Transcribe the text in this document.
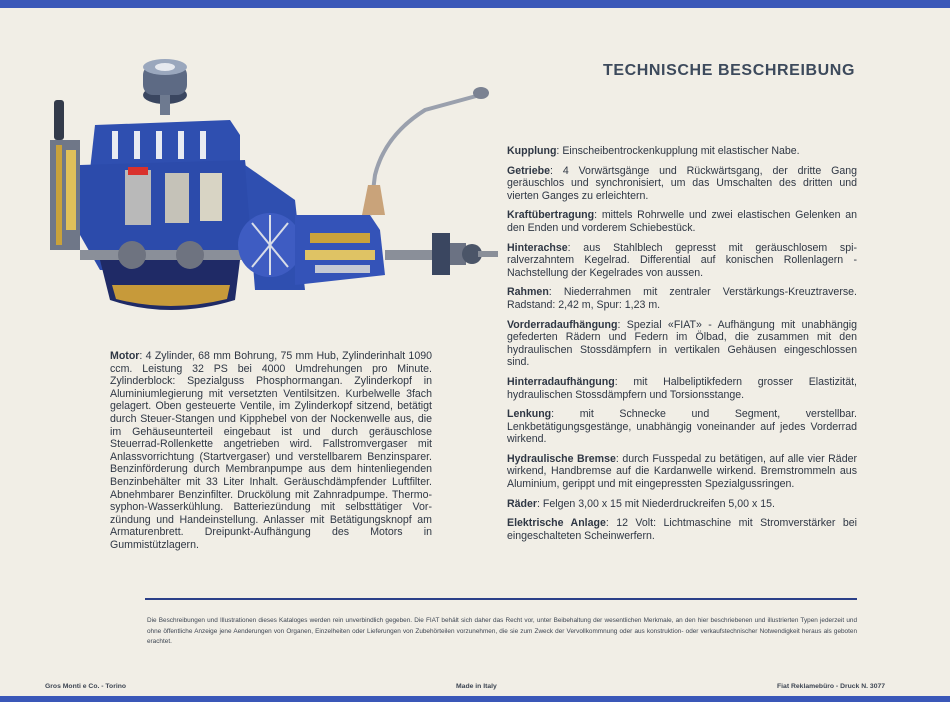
TECHNISCHE BESCHREIBUNG

Motor: 4 Zylinder, 68 mm Bohrung, 75 mm Hub, Zylinderinhalt 1090 ccm. Leistung 32 PS bei 4000 Umdrehungen pro Minute. Zylinderblock: Spezialguss Phosphormangan. Zylinderkopf in Aluminiumlegierung mit versetzten Ventilsitzen. Kurbelwelle 3fach gelagert. Oben gesteuerte Ventile, im Zylinderkopf sitzend, betätigt durch Steuer-Stangen und Kipphebel von der Nockenwelle aus, die im Gehäuseunterteil eingebaut ist und durch geräuschlose Steuerrad-Rollenkette angetrieben wird. Fallstromvergaser mit Anlassvorrichtung (Startvergaser) und verstellbarem Benzinsparer. Benzinförderung durch Membranpumpe aus dem hintenliegenden Benzinbehälter mit 33 Liter Inhalt. Geräuschdämpfender Luftfilter. Abnehmbarer Benzinfilter. Druckölung mit Zahnradpumpe. Thermosyphon-Wasserkühlung. Batteriezündung mit selbsttätiger Vorzündung und Handeinstellung. Anlasser mit Betätigungsknopf am Armaturenbrett. Dreipunkt-Aufhängung des Motors in Gummistützlagern.

Kupplung: Einscheibentrockenkupplung mit elastischer Nabe.
Getriebe: 4 Vorwärtsgänge und Rückwärtsgang, der dritte Gang geräuschlos und synchronisiert, um das Umschalten des dritten und vierten Ganges zu erleichtern.
Kraftübertragung: mittels Rohrwelle und zwei elastischen Gelenken an den Enden und vorderem Schiebestück.
Hinterachse: aus Stahlblech gepresst mit geräuschlosem spiralverzahntem Kegelrad. Differential auf konischen Rollenlagern -Nachstellung der Kegelrades von aussen.
Rahmen: Niederrahmen mit zentraler Verstärkungs-Kreuztraverse. Radstand: 2,42 m, Spur: 1,23 m.
Vorderradaufhängung: Spezial «FIAT» - Aufhängung mit unabhängig gefederten Rädern und Federn im Ölbad, die zusammen mit den hydraulischen Stossdämpfern in vertikalen Gehäusen eingeschlossen sind.
Hinterradaufhängung: mit Halbeliptikfedern grosser Elastizität, hydraulischen Stossdämpfern und Torsionsstange.
Lenkung: mit Schnecke und Segment, verstellbar. Lenkbetätigungsgestänge, unabhängig voneinander auf jedes Vorderrad wirkend.
Hydraulische Bremse: durch Fusspedal zu betätigen, auf alle vier Räder wirkend, Handbremse auf die Kardanwelle wirkend. Bremstrommeln aus Aluminium, gerippt und mit eingepressten Spezialgussringen.
Räder: Felgen 3,00 x 15 mit Niederdruckreifen 5,00 x 15.
Elektrische Anlage: 12 Volt: Lichtmaschine mit Stromverstärker bei eingeschalteten Scheinwerfern.

Die Beschreibungen und Illustrationen dieses Kataloges werden rein unverbindlich gegeben. Die FIAT behält sich daher das Recht vor, unter Beibehaltung der wesentlichen Merkmale, an den hier beschriebenen und illustrierten Typen jederzeit und ohne öffentliche Anzeige jene Aenderungen von Organen, Einzelheiten oder Lieferungen von Zubehörteilen vorzunehmen, die sie zum Zweck der Vervollkommnung oder aus konstruktion- oder verkaufstechnischer Notwendigkeit heraus als geboten erachtet.

Gros Monti e Co. - Torino	Made in Italy	Fiat Reklamebüro - Druck N. 3077
